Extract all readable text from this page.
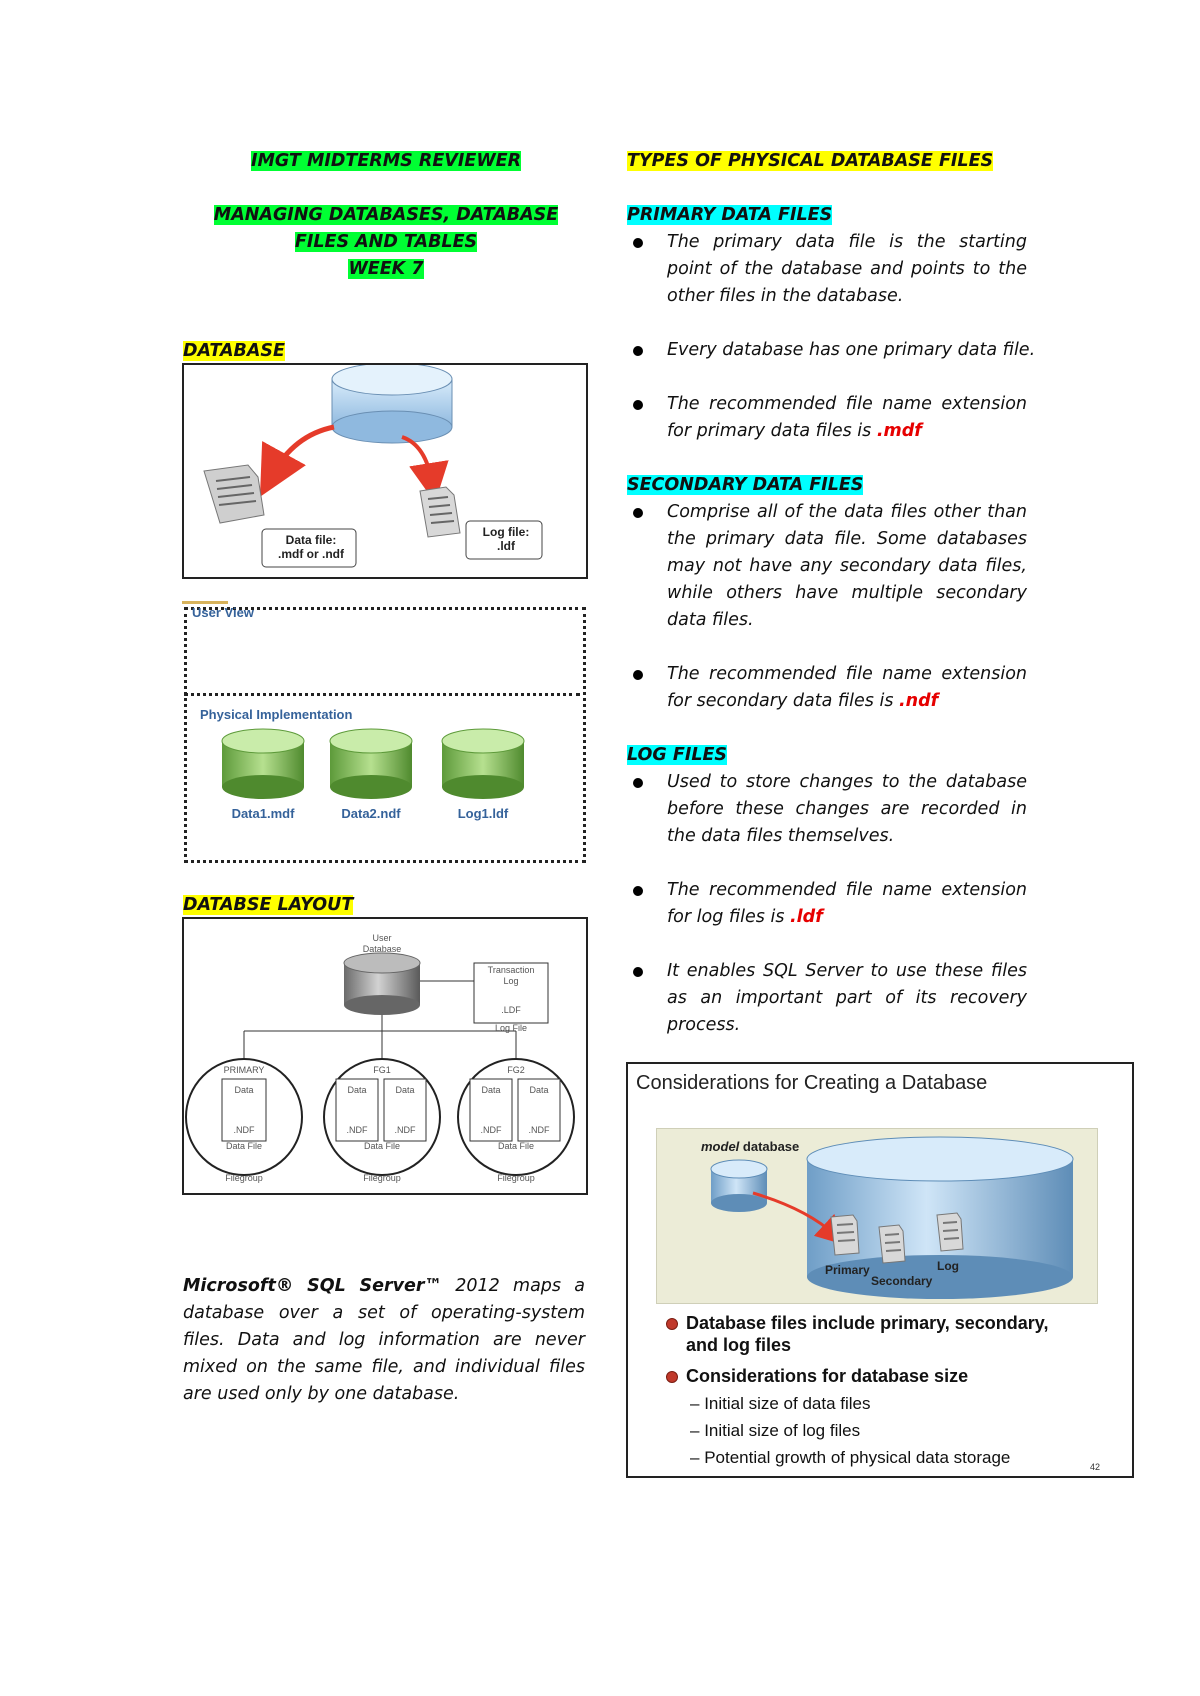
IMGT MIDTERMS REVIEWER
MANAGING DATABASES, DATABASE
FILES AND TABLES
WEEK 7
DATABASE
Data file:
.mdf or .ndf
Log file:
.ldf
User View
Physical Implementation
Data1.mdf	Data2.ndf	Log1.ldf
DATABSE LAYOUT
User
Database
Transaction
Log
.LDF
Log File
PRIMARY	FG1	FG2
Data	Data	Data	Data	Data
.NDF	.NDF	.NDF	.NDF	.NDF
Data File	Data File	Data File
Filegroup	Filegroup	Filegroup
Microsoft® SQL Server™ 2012 maps a database over a set of operating-system files. Data and log information are never mixed on the same file, and individual files are used only by one database.
TYPES OF PHYSICAL DATABASE FILES
PRIMARY DATA FILES
The primary data file is the starting point of the database and points to the other files in the database.
Every database has one primary data file.
The recommended file name extension for primary data files is .mdf
SECONDARY DATA FILES
Comprise all of the data files other than the primary data file. Some databases may not have any secondary data files, while others have multiple secondary data files.
The recommended file name extension for secondary data files is .ndf
LOG FILES
Used to store changes to the database before these changes are recorded in the data files themselves.
The recommended file name extension for log files is .ldf
It enables SQL Server to use these files as an important part of its recovery process.
Considerations for Creating a Database
model database
Primary
Secondary
Log
Database files include primary, secondary,
and log files
Considerations for database size
– Initial size of data files
– Initial size of log files
– Potential growth of physical data storage	42
